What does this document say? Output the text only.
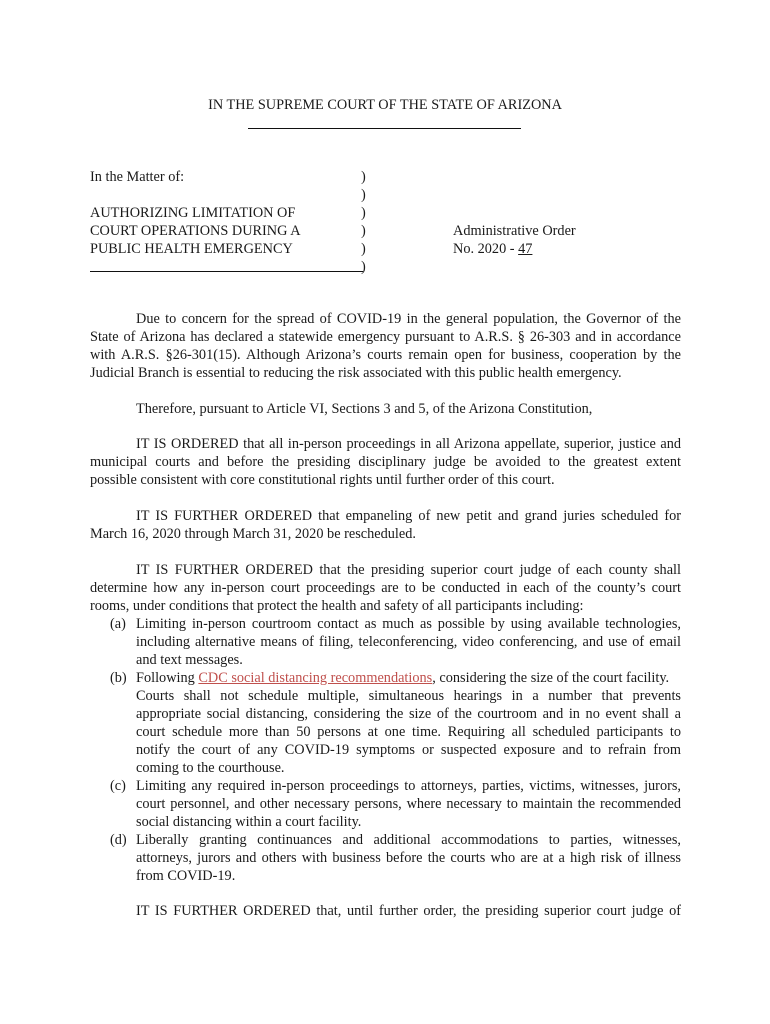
IN THE SUPREME COURT OF THE STATE OF ARIZONA
In the Matter of:
AUTHORIZING LIMITATION OF
COURT OPERATIONS DURING A
PUBLIC HEALTH EMERGENCY
)
)
)
)
)
)
Administrative Order
No. 2020 - 47
Due to concern for the spread of COVID-19 in the general population, the Governor of the
State of Arizona has declared a statewide emergency pursuant to A.R.S. § 26-303 and in accordance
with A.R.S. §26-301(15). Although Arizona’s courts remain open for business, cooperation by the
Judicial Branch is essential to reducing the risk associated with this public health emergency.
Therefore, pursuant to Article VI, Sections 3 and 5, of the Arizona Constitution,
IT IS ORDERED that all in-person proceedings in all Arizona appellate, superior, justice and
municipal courts and before the presiding disciplinary judge be avoided to the greatest extent
possible consistent with core constitutional rights until further order of this court.
IT IS FURTHER ORDERED that empaneling of new petit and grand juries scheduled for
March 16, 2020 through March 31, 2020 be rescheduled.
IT IS FURTHER ORDERED that the presiding superior court judge of each county shall
determine how any in-person court proceedings are to be conducted in each of the county’s court
rooms, under conditions that protect the health and safety of all participants including:
(a) Limiting in-person courtroom contact as much as possible by using available technologies,
including alternative means of filing, teleconferencing, video conferencing, and use of email
and text messages.
(b) Following CDC social distancing recommendations, considering the size of the court facility.
Courts shall not schedule multiple, simultaneous hearings in a number that prevents
appropriate social distancing, considering the size of the courtroom and in no event shall a
court schedule more than 50 persons at one time. Requiring all scheduled participants to
notify the court of any COVID-19 symptoms or suspected exposure and to refrain from
coming to the courthouse.
(c) Limiting any required in-person proceedings to attorneys, parties, victims, witnesses, jurors,
court personnel, and other necessary persons, where necessary to maintain the recommended
social distancing within a court facility.
(d) Liberally granting continuances and additional accommodations to parties, witnesses,
attorneys, jurors and others with business before the courts who are at a high risk of illness
from COVID-19.
IT IS FURTHER ORDERED that, until further order, the presiding superior court judge of
